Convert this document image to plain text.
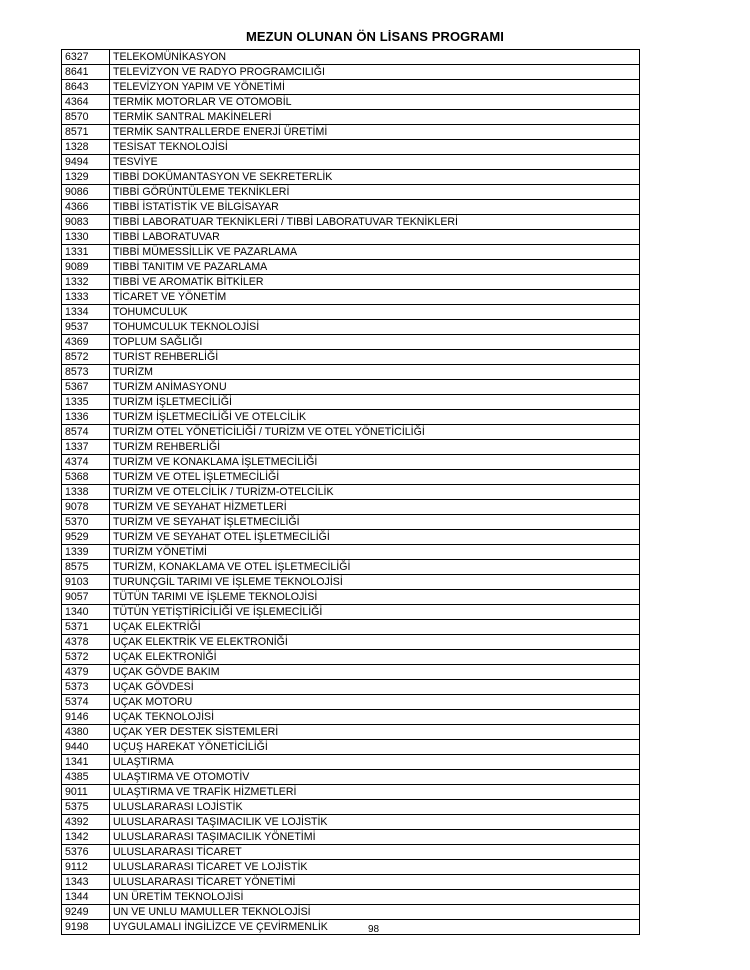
MEZUN OLUNAN ÖN LİSANS PROGRAMI
6327	TELEKOMÜNİKASYON
8641	TELEVİZYON VE RADYO PROGRAMCILIĞI
8643	TELEVİZYON YAPIM VE YÖNETİMİ
4364	TERMİK MOTORLAR VE OTOMOBİL
8570	TERMİK SANTRAL MAKİNELERİ
8571	TERMİK SANTRALLERDE ENERJİ ÜRETİMİ
1328	TESİSAT TEKNOLOJİSİ
9494	TESVİYE
1329	TIBBİ DOKÜMANTASYON VE SEKRETERLİK
9086	TIBBİ GÖRÜNTÜLEME TEKNİKLERİ
4366	TIBBİ İSTATİSTİK VE BİLGİSAYAR
9083	TIBBİ LABORATUAR TEKNİKLERİ / TIBBİ LABORATUVAR TEKNİKLERİ
1330	TIBBİ LABORATUVAR
1331	TIBBİ MÜMESSİLLİK VE PAZARLAMA
9089	TIBBİ TANITIM VE PAZARLAMA
1332	TIBBİ VE AROMATİK BİTKİLER
1333	TİCARET VE YÖNETİM
1334	TOHUMCULUK
9537	TOHUMCULUK TEKNOLOJİSİ
4369	TOPLUM SAĞLIĞI
8572	TURİST REHBERLİĞİ
8573	TURİZM
5367	TURİZM ANİMASYONU
1335	TURİZM İŞLETMECİLİĞİ
1336	TURİZM İŞLETMECİLİĞİ VE OTELCİLİK
8574	TURİZM OTEL YÖNETİCİLİĞİ / TURİZM VE OTEL YÖNETİCİLİĞİ
1337	TURİZM REHBERLİĞİ
4374	TURİZM VE KONAKLAMA İŞLETMECİLİĞİ
5368	TURİZM VE OTEL İŞLETMECİLİĞİ
1338	TURİZM VE OTELCİLİK / TURİZM-OTELCİLİK
9078	TURİZM VE SEYAHAT HİZMETLERİ
5370	TURİZM VE SEYAHAT İŞLETMECİLİĞİ
9529	TURİZM VE SEYAHAT OTEL İŞLETMECİLİĞİ
1339	TURİZM YÖNETİMİ
8575	TURİZM, KONAKLAMA VE OTEL İŞLETMECİLİĞİ
9103	TURUNÇGİL TARIMI VE İŞLEME TEKNOLOJİSİ
9057	TÜTÜN TARIMI VE İŞLEME TEKNOLOJİSİ
1340	TÜTÜN YETİŞTİRİCİLİĞİ VE İŞLEMECİLİĞİ
5371	UÇAK ELEKTRİĞİ
4378	UÇAK ELEKTRİK VE ELEKTRONİĞİ
5372	UÇAK ELEKTRONİĞİ
4379	UÇAK GÖVDE BAKIM
5373	UÇAK GÖVDESİ
5374	UÇAK MOTORU
9146	UÇAK TEKNOLOJİSİ
4380	UÇAK YER DESTEK SİSTEMLERİ
9440	UÇUŞ HAREKAT YÖNETİCİLİĞİ
1341	ULAŞTIRMA
4385	ULAŞTIRMA VE OTOMOTİV
9011	ULAŞTIRMA VE TRAFİK HİZMETLERİ
5375	ULUSLARARASI LOJİSTİK
4392	ULUSLARARASI TAŞIMACILIK VE LOJİSTİK
1342	ULUSLARARASI TAŞIMACILIK YÖNETİMİ
5376	ULUSLARARASI TİCARET
9112	ULUSLARARASI TİCARET VE LOJİSTİK
1343	ULUSLARARASI TİCARET YÖNETİMİ
1344	UN ÜRETİM TEKNOLOJİSİ
9249	UN VE UNLU MAMULLER TEKNOLOJİSİ
9198	UYGULAMALI İNGİLİZCE VE ÇEVİRMENLİK	98
